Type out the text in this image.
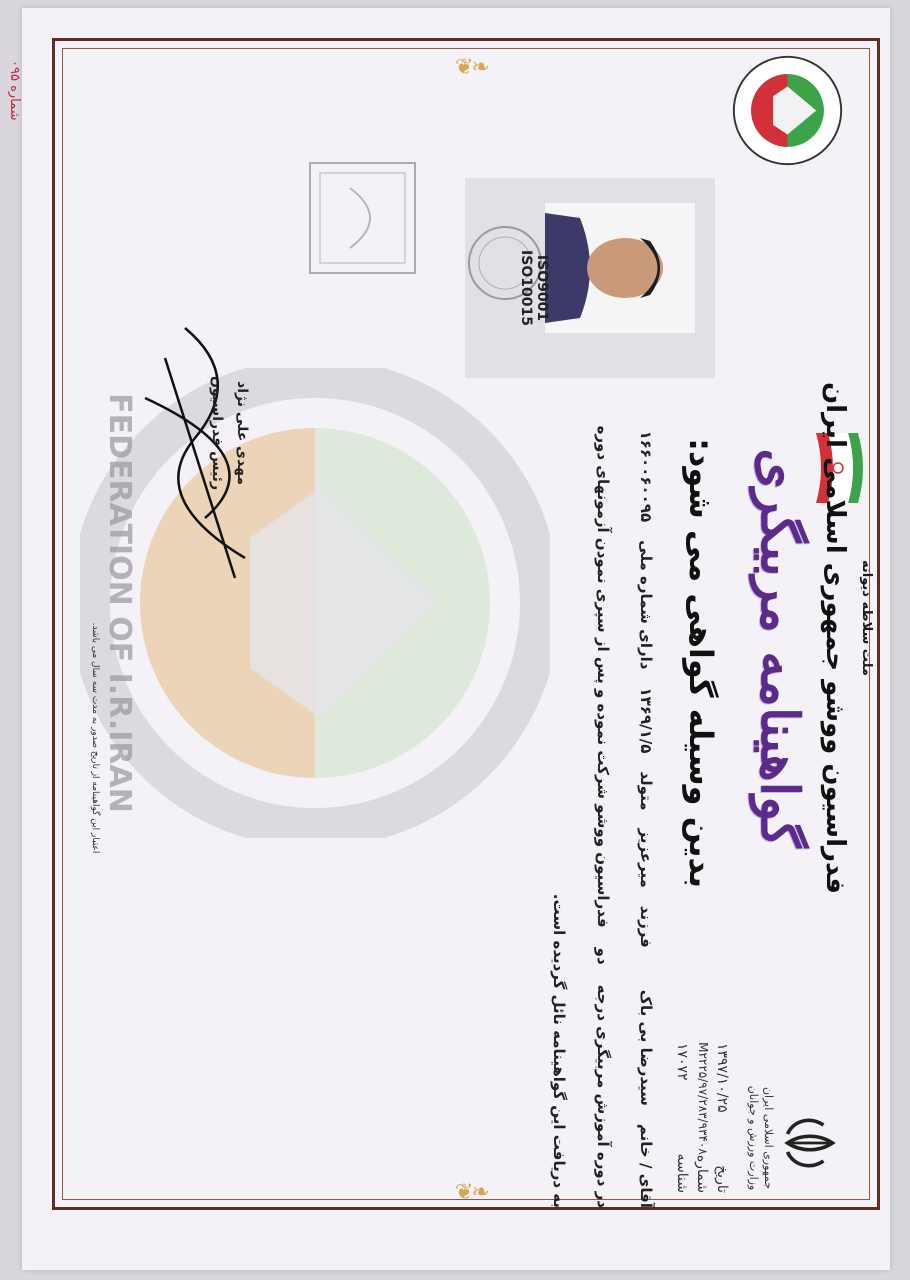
❦❧
❦❧
شماره ۰۹۵
ملت سلاطه دیوانه
فدراسیون ووشو جمهوری اسلامی ایران
گواهینامه مربیگری
جمهوری اسلامی ایران
وزارت ورزش و جوانان
تاریخ
۱۳۹۷/۱۰/۲۵
شماره
M۲۲۲۵/۹۷/۲۸۳/۹۳۴۰۸
شناسه
۱۷۰۷۲
FEDERATION OF I.R.IRAN	بدین وسیله گواهی می شود:
آقای / خانم
سیدرضا بی باک
فرزند
میرعزیز
متولد
۱۳۶۹/۱/۵
دارای شماره ملی
۱۶۶۰۰۶۰۰۹۵
در دوره آموزش مربیگری درجه
دو
فدراسیون ووشو شرکت نموده و پس از سپری نمودن آزمونهای دوره
به دریافت این گواهینامه نائل گردیده است.
ISO9001
ISO10015
مهدی علی نژاد
رئیس فدراسیون
اعتبار این گواهینامه از تاریخ صدور به مدت سه سال می باشد.
